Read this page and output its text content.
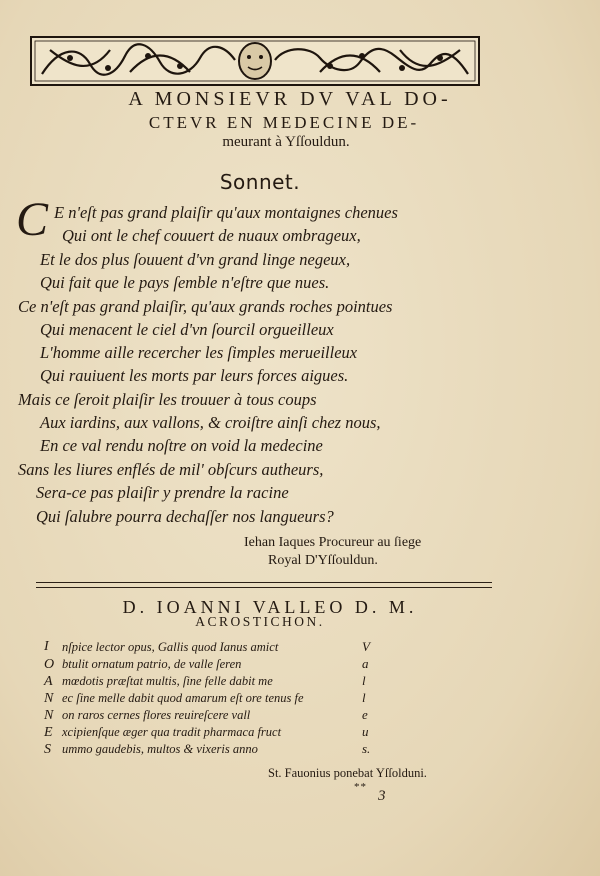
A MONSIEVR DV VAL DO-
CTEVR EN MEDECINE DE-
meurant à Yſſouldun.
Sonnet.
C E n'eſt pas grand plaiſir qu'aux montaignes chenues
Qui ont le chef couuert de nuaux ombrageux,
Et le dos plus ſouuent d'vn grand linge negeux,
Qui fait que le pays ſemble n'eſtre que nues.
Ce n'eſt pas grand plaiſir, qu'aux grands roches pointues
Qui menacent le ciel d'vn ſourcil orgueilleux
L'homme aille recercher les ſimples merueilleux
Qui rauiuent les morts par leurs forces aigues.
Mais ce ſeroit plaiſir les trouuer à tous coups
Aux iardins, aux vallons, & croiſtre ainſi chez nous,
En ce val rendu noſtre on void la medecine
Sans les liures enflés de mil' obſcurs autheurs,
Sera-ce pas plaiſir y prendre la racine
Qui ſalubre pourra dechaſſer nos langueurs?
Iehan Iaques Procureur au ſiege
Royal D'Yſſouldun.
D. IOANNI VALLEO D. M.
ACROSTICHON.
I
O
A
N
N
E
S
nſpice lector opus, Gallis quod Ianus amict
btulit ornatum patrio, de valle ſeren
mœdotis præſtat multis, ſine felle dabit me
ec ſine melle dabit quod amarum eſt ore tenus fe
on raros cernes flores reuireſcere vall
xcipienſque æger qua tradit pharmaca fruct
ummo gaudebis, multos & vixeris anno
V
a
l
l
e
u
s.
St. Fauonius ponebat Yſſolduni.
**
3
